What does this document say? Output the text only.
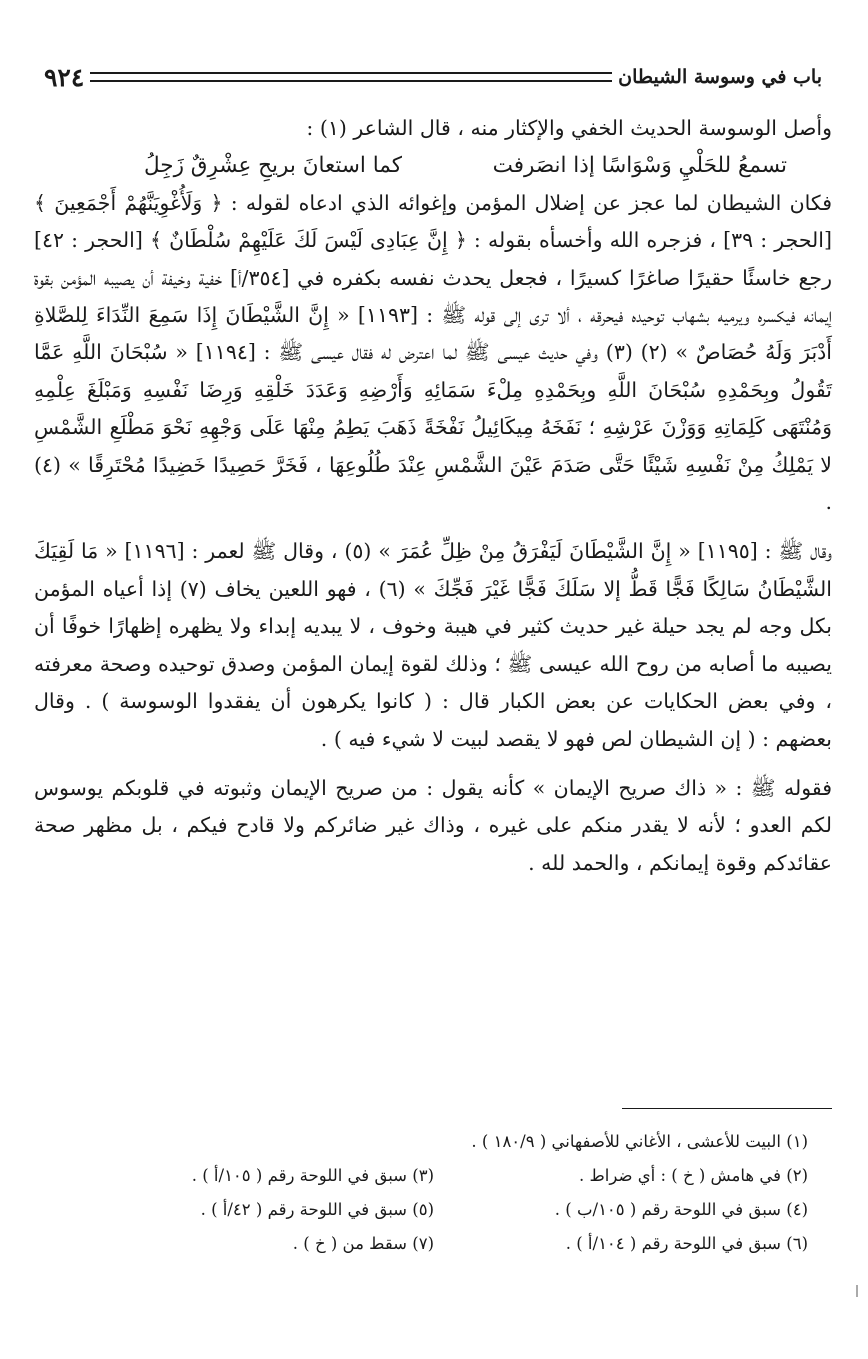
باب في وسوسة الشيطان
٩٢٤

وأصل الوسوسة الحديث الخفي والإكثار منه ، قال الشاعر (١) :

تسمعُ للحَلْيِ وَسْوَاسًا إذا انصَرفت
كما استعانَ بريحِ عِشْرِقٌ زَجِلُ

فكان الشيطان لما عجز عن إضلال المؤمن وإغوائه الذي ادعاه لقوله : ﴿ وَلَأُغْوِيَنَّهُمْ أَجْمَعِينَ ﴾ [الحجر : ٣٩] ، فزجره الله وأخسأه بقوله : ﴿ إِنَّ عِبَادِى لَيْسَ لَكَ عَلَيْهِمْ سُلْطَانٌ ﴾ [الحجر : ٤٢] رجع خاسئًا حقيرًا صاغرًا كسيرًا ، فجعل يحدث نفسه بكفره في [٣٥٤/أ] خفية وخيفة أن يصيبه المؤمن بقوة إيمانه فيكسره ويرميه بشهاب توحيده فيحرقه ، ألا ترى إلى قوله ﷺ : [١١٩٣] « إِنَّ الشَّيْطَانَ إِذَا سَمِعَ النِّدَاءَ لِلصَّلاةِ أَدْبَرَ وَلَهُ حُصَاصٌ » (٢) (٣) وفي حديث عيسى ﷺ لما اعترض له فقال عيسى ﷺ : [١١٩٤] « سُبْحَانَ اللَّهِ عَمَّا تَقُولُ وبِحَمْدِهِ سُبْحَانَ اللَّهِ وبِحَمْدِهِ مِلْءَ سَمَائِهِ وَأَرْضِهِ وَعَدَدَ خَلْقِهِ وَرِضَا نَفْسِهِ وَمَبْلَغَ عِلْمِهِ وَمُنْتَهَى كَلِمَاتِهِ وَوَزْنَ عَرْشِهِ ؛ نَفَخَهُ مِيكَائِيلُ نَفْخَةً ذَهَبَ يَطِمُ مِنْهَا عَلَى وَجْهِهِ نَحْوَ مَطْلَعِ الشَّمْسِ لا يَمْلِكُ مِنْ نَفْسِهِ شَيْئًا حَتَّى صَدَمَ عَيْنَ الشَّمْسِ عِنْدَ طُلُوعِهَا ، فَخَرَّ حَصِيدًا خَضِيدًا مُحْتَرِقًا » (٤) .

وقال ﷺ : [١١٩٥] « إِنَّ الشَّيْطَانَ لَيَفْرَقُ مِنْ ظِلِّ عُمَرَ » (٥) ، وقال ﷺ لعمر : [١١٩٦] « مَا لَقِيَكَ الشَّيْطَانُ سَالِكًا فَجًّا قَطُّ إلا سَلَكَ فَجًّا غَيْرَ فَجِّكَ » (٦) ، فهو اللعين يخاف (٧) إذا أعياه المؤمن بكل وجه لم يجد حيلة غير حديث كثير في هيبة وخوف ، لا يبديه إبداء ولا يظهره إظهارًا خوفًا أن يصيبه ما أصابه من روح الله عيسى ﷺ ؛ وذلك لقوة إيمان المؤمن وصدق توحيده وصحة معرفته ، وفي بعض الحكايات عن بعض الكبار قال : ( كانوا يكرهون أن يفقدوا الوسوسة ) . وقال بعضهم : ( إن الشيطان لص فهو لا يقصد لبيت لا شيء فيه ) .

فقوله ﷺ : « ذاك صريح الإيمان » كأنه يقول : من صريح الإيمان وثبوته في قلوبكم يوسوس لكم العدو ؛ لأنه لا يقدر منكم على غيره ، وذاك غير ضائركم ولا قادح فيكم ، بل مظهر صحة عقائدكم وقوة إيمانكم ، والحمد لله .

(١) البيت للأعشى ، الأغاني للأصفهاني ( ١٨٠/٩ ) .
(٢) في هامش ( خ ) : أي ضراط .
(٣) سبق في اللوحة رقم ( ١٠٥/أ ) .
(٤) سبق في اللوحة رقم ( ١٠٥/ب ) .
(٥) سبق في اللوحة رقم ( ٤٢/أ ) .
(٦) سبق في اللوحة رقم ( ١٠٤/أ ) .
(٧) سقط من ( خ ) .
